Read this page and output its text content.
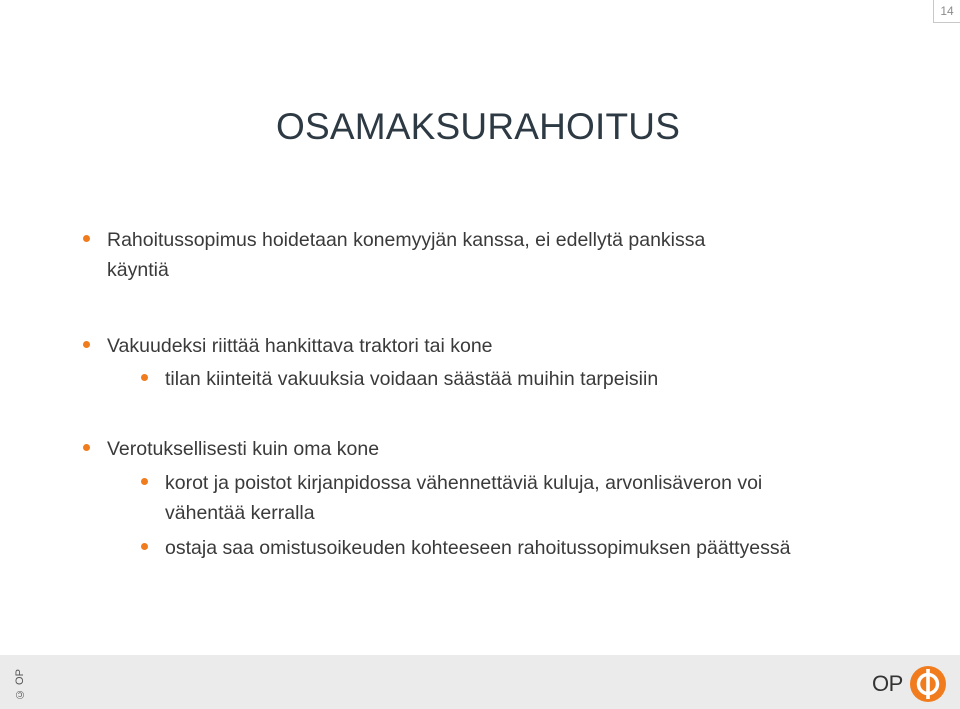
14
OSAMAKSURAHOITUS
Rahoitussopimus hoidetaan konemyyjän kanssa, ei edellytä pankissa
käyntiä
Vakuudeksi riittää hankittava traktori tai kone
tilan kiinteitä vakuuksia voidaan säästää muihin tarpeisiin
Verotuksellisesti kuin oma kone
korot ja poistot kirjanpidossa vähennettäviä kuluja, arvonlisäveron voi
vähentää kerralla
ostaja saa omistusoikeuden kohteeseen rahoitussopimuksen päättyessä
© OP	OP
